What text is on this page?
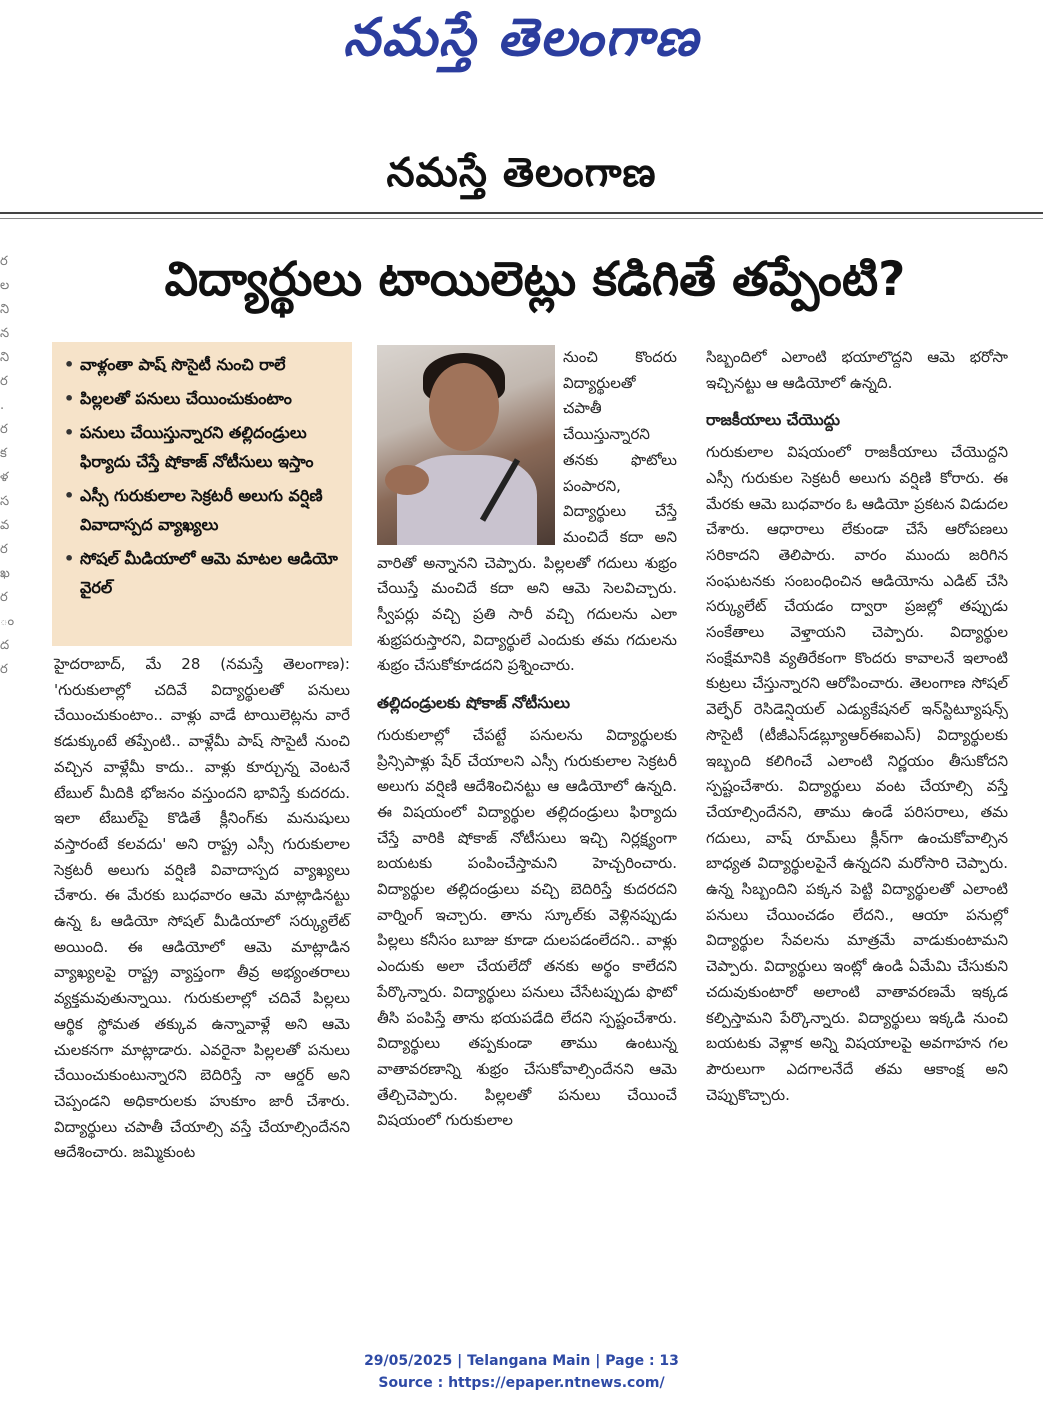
నమస్తే తెలంగాణ
నమస్తే తెలంగాణ
విద్యార్థులు టాయిలెట్లు కడిగితే తప్పేంటి?
ర
ల
ని
న
ని
ర
.
ర
క
ళ
స
వ
ర
ఖ
ర
ం
ద
ర
• వాళ్లంతా పాష్ సొసైటీ నుంచి రాలే
• పిల్లలతో పనులు చేయించుకుంటాం
• పనులు చేయిస్తున్నారని తల్లిదండ్రులు ఫిర్యాదు చేస్తే షోకాజ్ నోటీసులు ఇస్తాం
• ఎస్సీ గురుకులాల సెక్రటరీ అలుగు వర్షిణి వివాదాస్పద వ్యాఖ్యలు
• సోషల్ మీడియాలో ఆమె మాటల ఆడియో వైరల్

హైదరాబాద్, మే 28 (నమస్తే తెలంగాణ): 'గురుకులాల్లో చదివే విద్యార్థులతో పనులు చేయించుకుంటాం.. వాళ్లు వాడే టాయిలెట్లను వారే కడుక్కుంటే తప్పేంటి.. వాళ్లేమీ పాష్ సొసైటీ నుంచి వచ్చిన వాళ్లేమీ కాదు.. వాళ్లు కూర్చున్న వెంటనే టేబుల్ మీదికి భోజనం వస్తుందని భావిస్తే కుదరదు. ఇలా టేబుల్‌పై కొడితే క్లీనింగ్‌కు మనుషులు వస్తారంటే కలవదు' అని రాష్ట్ర ఎస్సీ గురుకులాల సెక్రటరీ అలుగు వర్షిణి వివాదాస్పద వ్యాఖ్యలు చేశారు. ఈ మేరకు బుధవారం ఆమె మాట్లాడినట్టు ఉన్న ఓ ఆడియో సోషల్ మీడియాలో సర్క్యులేట్ అయింది. ఈ ఆడియోలో ఆమె మాట్లాడిన వ్యాఖ్యలపై రాష్ట్ర వ్యాప్తంగా తీవ్ర అభ్యంతరాలు వ్యక్తమవుతున్నాయి. గురుకులాల్లో చదివే పిల్లలు ఆర్థిక స్థోమత తక్కువ ఉన్నావాళ్లే అని ఆమె చులకనగా మాట్లాడారు. ఎవరైనా పిల్లలతో పనులు చేయించుకుంటున్నారని బెదిరిస్తే నా ఆర్డర్ అని చెప్పండని అధికారులకు హుకూం జారీ చేశారు. విద్యార్థులు చపాతీ చేయాల్సి వస్తే చేయాల్సిందేనని ఆదేశించారు. జమ్మికుంట

నుంచి కొందరు విద్యార్థులతో చపాతీ చేయిస్తున్నారని తనకు ఫొటోలు పంపారని, విద్యార్థులు చేస్తే మంచిదే కదా అని వారితో అన్నానని చెప్పారు. పిల్లలతో గదులు శుభ్రం చేయిస్తే మంచిదే కదా అని ఆమె సెలవిచ్చారు. స్వీపర్లు వచ్చి ప్రతి సారీ వచ్చి గదులను ఎలా శుభ్రపరుస్తారని, విద్యార్థులే ఎందుకు తమ గదులను శుభ్రం చేసుకోకూడదని ప్రశ్నించారు.

తల్లిదండ్రులకు షోకాజ్ నోటీసులు

గురుకులాల్లో చేపట్టే పనులను విద్యార్థులకు ప్రిన్సిపాళ్లు షేర్ చేయాలని ఎస్సీ గురుకులాల సెక్రటరీ అలుగు వర్షిణి ఆదేశించినట్టు ఆ ఆడియోలో ఉన్నది. ఈ విషయంలో విద్యార్థుల తల్లిదండ్రులు ఫిర్యాదు చేస్తే వారికి షోకాజ్ నోటీసులు ఇచ్చి నిర్లక్ష్యంగా బయటకు పంపించేస్తామని హెచ్చరించారు. విద్యార్థుల తల్లిదండ్రులు వచ్చి బెదిరిస్తే కుదరదని వార్నింగ్ ఇచ్చారు. తాను స్కూల్‌కు వెళ్లినప్పుడు పిల్లలు కనీసం బూజు కూడా దులపడంలేదని.. వాళ్లు ఎందుకు అలా చేయలేదో తనకు అర్థం కాలేదని పేర్కొన్నారు. విద్యార్థులు పనులు చేసేటప్పుడు ఫొటో తీసి పంపిస్తే తాను భయపడేది లేదని స్పష్టంచేశారు. విద్యార్థులు తప్పకుండా తాము ఉంటున్న వాతావరణాన్ని శుభ్రం చేసుకోవాల్సిందేనని ఆమె తేల్చిచెప్పారు. పిల్లలతో పనులు చేయించే విషయంలో గురుకులాల

సిబ్బందిలో ఎలాంటి భయాలొద్దని ఆమె భరోసా ఇచ్చినట్టు ఆ ఆడియోలో ఉన్నది.

రాజకీయాలు చేయొద్దు

గురుకులాల విషయంలో రాజకీయాలు చేయొద్దని ఎస్సీ గురుకుల సెక్రటరీ అలుగు వర్షిణి కోరారు. ఈ మేరకు ఆమె బుధవారం ఓ ఆడియో ప్రకటన విడుదల చేశారు. ఆధారాలు లేకుండా చేసే ఆరోపణలు సరికాదని తెలిపారు. వారం ముందు జరిగిన సంఘటనకు సంబంధించిన ఆడియోను ఎడిట్ చేసి సర్క్యులేట్ చేయడం ద్వారా ప్రజల్లో తప్పుడు సంకేతాలు వెళ్తాయని చెప్పారు. విద్యార్థుల సంక్షేమానికి వ్యతిరేకంగా కొందరు కావాలనే ఇలాంటి కుట్రలు చేస్తున్నారని ఆరోపించారు. తెలంగాణ సోషల్ వెల్ఫేర్ రెసిడెన్షియల్ ఎడ్యుకేషనల్ ఇన్‌స్టిట్యూషన్స్ సొసైటీ (టీజీఎస్‌డబ్ల్యూఆర్ఈఐఎస్) విద్యార్థులకు ఇబ్బంది కలిగించే ఎలాంటి నిర్ణయం తీసుకోదని స్పష్టంచేశారు. విద్యార్థులు వంట చేయాల్సి వస్తే చేయాల్సిందేనని, తాము ఉండే పరిసరాలు, తమ గదులు, వాష్ రూమ్‌లు క్లీన్‌గా ఉంచుకోవాల్సిన బాధ్యత విద్యార్థులపైనే ఉన్నదని మరోసారి చెప్పారు. ఉన్న సిబ్బందిని పక్కన పెట్టి విద్యార్థులతో ఎలాంటి పనులు చేయించడం లేదని., ఆయా పనుల్లో విద్యార్థుల సేవలను మాత్రమే వాడుకుంటామని చెప్పారు. విద్యార్థులు ఇంట్లో ఉండి ఏమేమి చేసుకుని చదువుకుంటారో అలాంటి వాతావరణమే ఇక్కడ కల్పిస్తామని పేర్కొన్నారు. విద్యార్థులు ఇక్కడి నుంచి బయటకు వెళ్లాక అన్ని విషయాలపై అవగాహన గల పౌరులుగా ఎదగాలనేదే తమ ఆకాంక్ష అని చెప్పుకొచ్చారు.

29/05/2025 | Telangana Main | Page : 13
Source : https://epaper.ntnews.com/
